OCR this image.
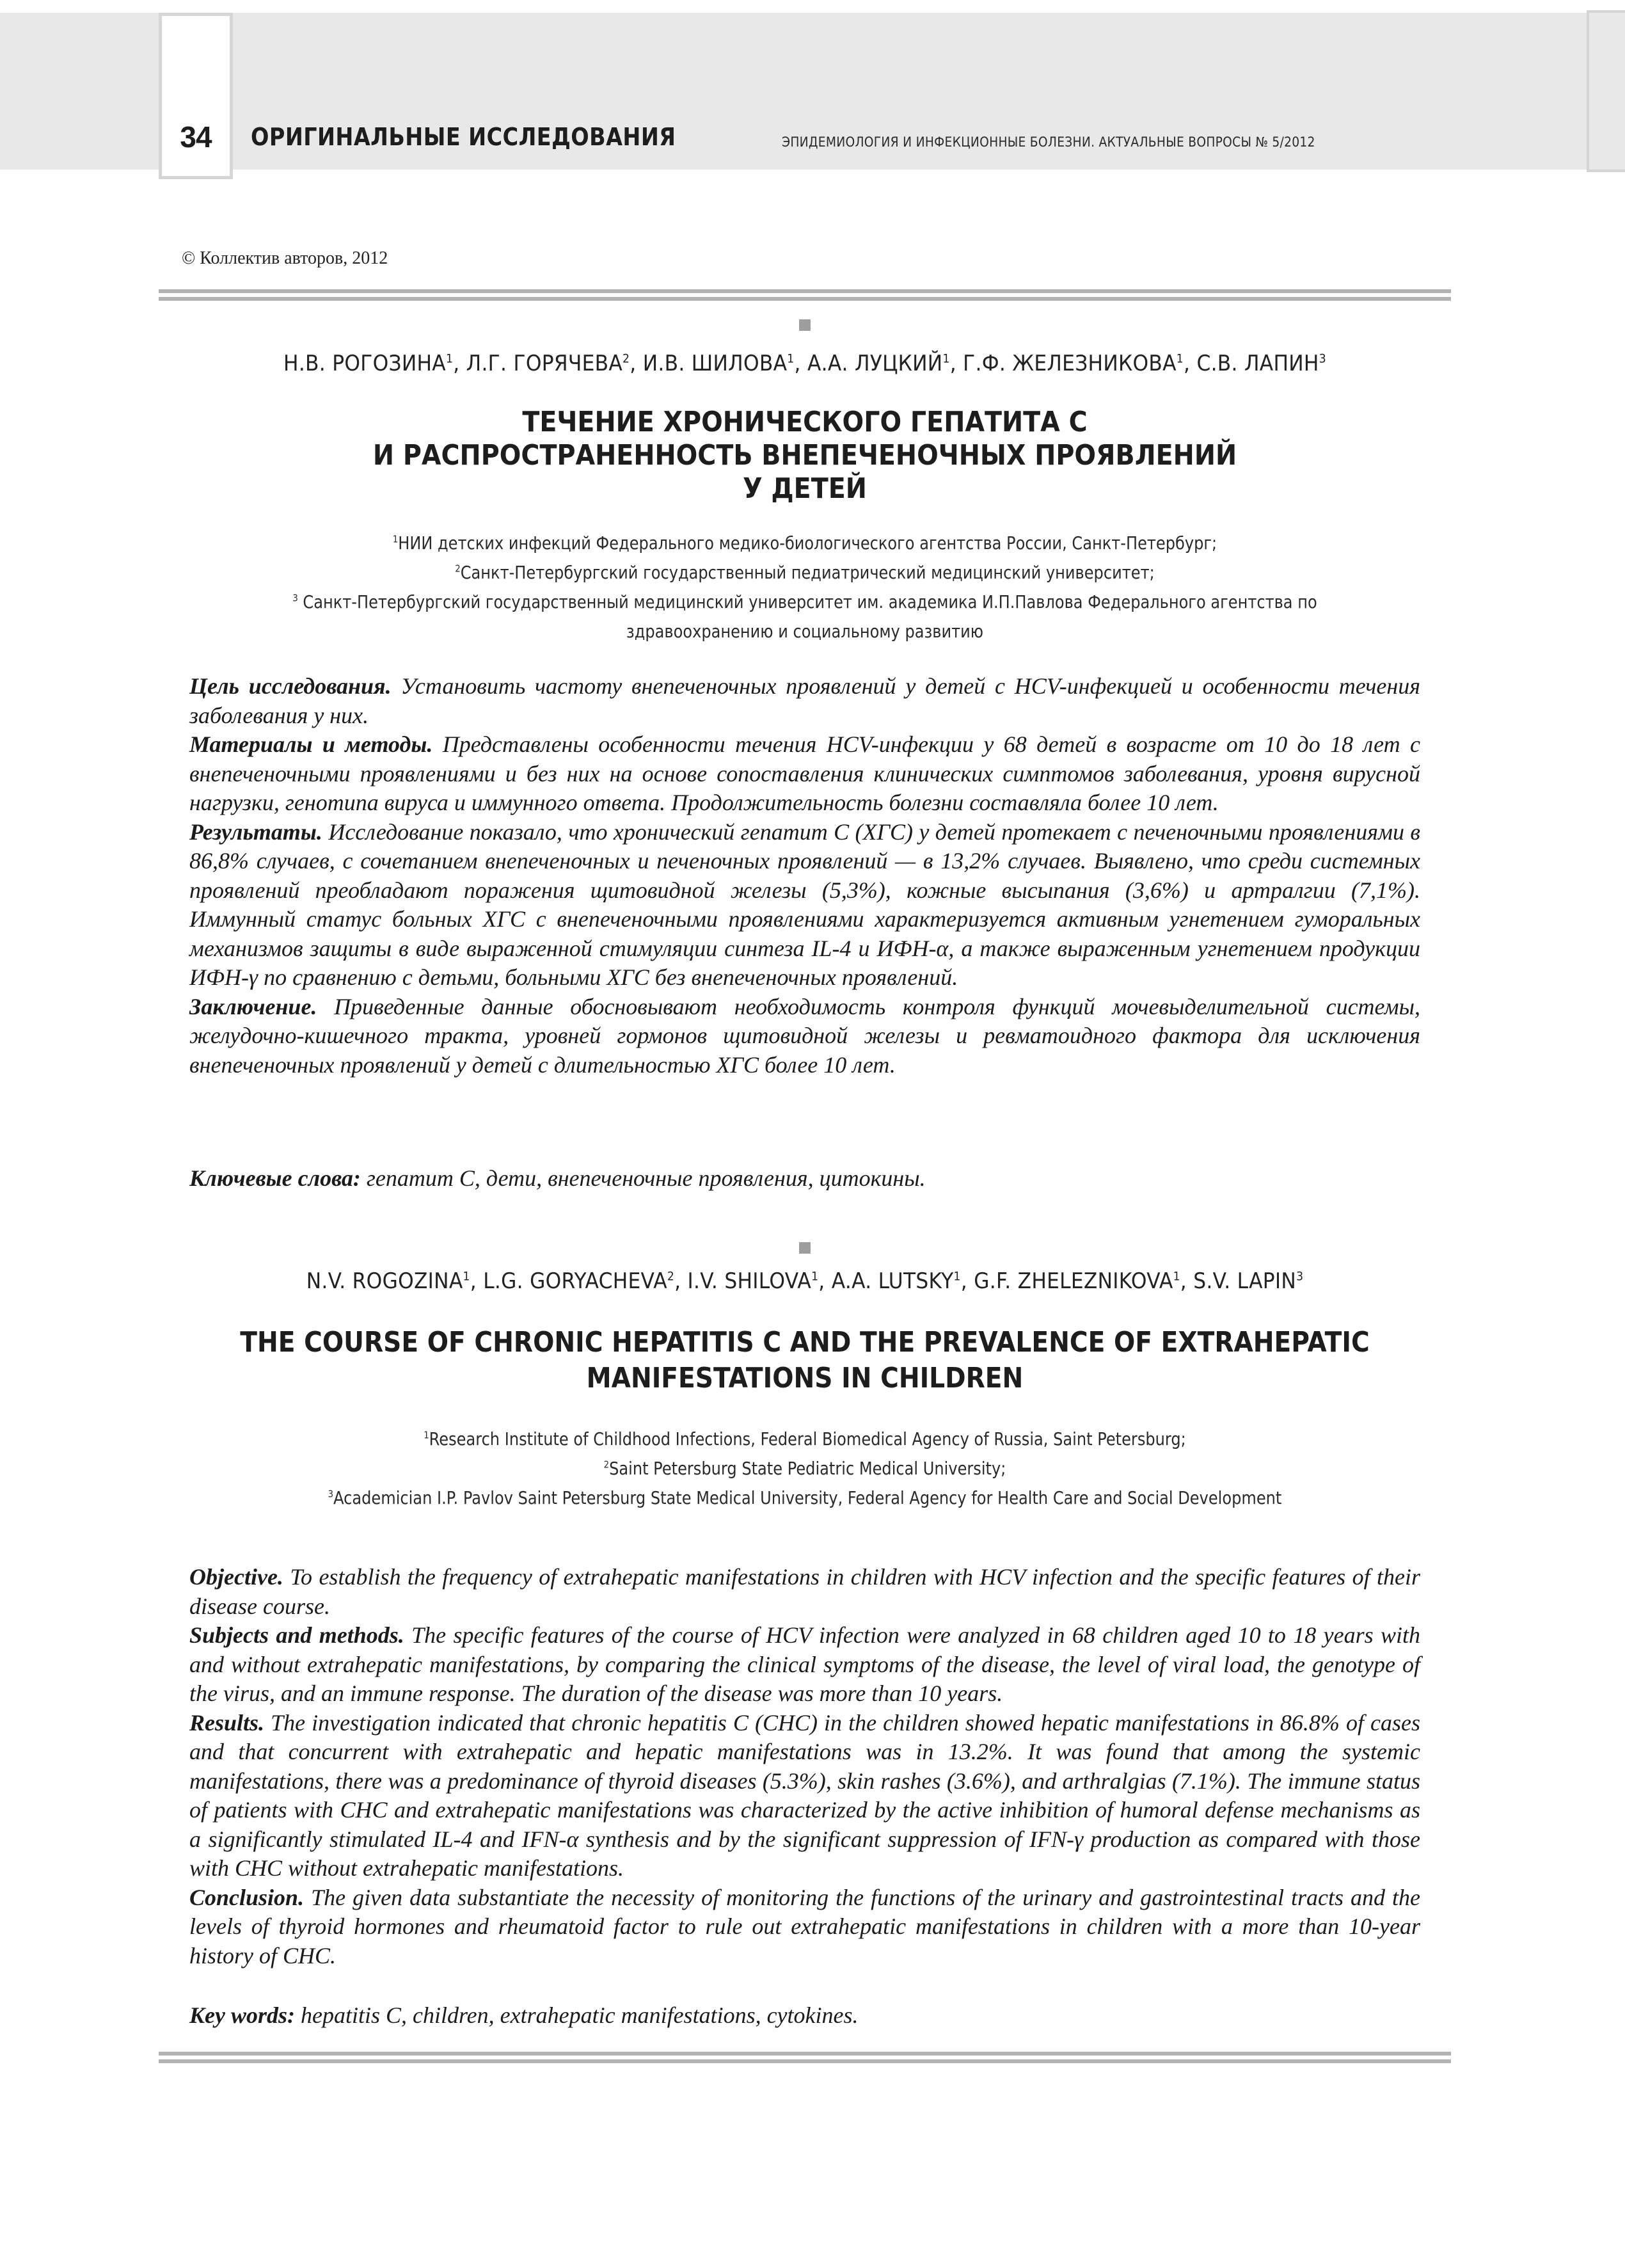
34	ОРИГИНАЛЬНЫЕ ИССЛЕДОВАНИЯ	ЭПИДЕМИОЛОГИЯ И ИНФЕКЦИОННЫЕ БОЛЕЗНИ. АКТУАЛЬНЫЕ ВОПРОСЫ № 5/2012
© Коллектив авторов, 2012
Н.В. РОГОЗИНА$^1$, Л.Г. ГОРЯЧЕВА$^2$, И.В. ШИЛОВА$^1$, А.А. ЛУЦКИЙ$^1$, Г.Ф. ЖЕЛЕЗНИКОВА$^1$, С.В. ЛАПИН$^3$
ТЕЧЕНИЕ ХРОНИЧЕСКОГО ГЕПАТИТА С
И РАСПРОСТРАНЕННОСТЬ ВНЕПЕЧЕНОЧНЫХ ПРОЯВЛЕНИЙ
У ДЕТЕЙ
$^1$НИИ детских инфекций Федерального медико-биологического агентства России, Санкт-Петербург;
$^2$Санкт-Петербургский государственный педиатрический медицинский университет;
$^3$ Санкт-Петербургский государственный медицинский университет им. академика И.П.Павлова Федерального агентства по
здравоохранению и социальному развитию

Цель исследования. Установить частоту внепеченочных проявлений у детей с HCV-инфекцией и особенности течения заболевания у них.

Материалы и методы. Представлены особенности течения HCV-инфекции у 68 детей в возрасте от 10 до 18 лет с внепеченочными проявлениями и без них на основе сопоставления клинических симптомов заболевания, уровня вирусной нагрузки, генотипа вируса и иммунного ответа. Продолжительность болезни составляла более 10 лет.

Результаты. Исследование показало, что хронический гепатит С (ХГС) у детей протекает с печеночными проявлениями в 86,8% случаев, с сочетанием внепеченочных и печеночных проявлений — в 13,2% случаев. Выявлено, что среди системных проявлений преобладают поражения щитовидной железы (5,3%), кожные высыпания (3,6%) и артралгии (7,1%). Иммунный статус больных ХГС с внепеченочными проявлениями характеризуется активным угнетением гуморальных механизмов защиты в виде выраженной стимуляции синтеза IL-4 и ИФН-α, а также выраженным угнетением продукции ИФН-γ по сравнению с детьми, больными ХГС без внепеченочных проявлений.

Заключение. Приведенные данные обосновывают необходимость контроля функций мочевыделительной системы, желудочно-кишечного тракта, уровней гормонов щитовидной железы и ревматоидного фактора для исключения внепеченочных проявлений у детей с длительностью ХГС более 10 лет.

Ключевые слова: гепатит С, дети, внепеченочные проявления, цитокины.
N.V. ROGOZINA$^1$, L.G. GORYACHEVA$^2$, I.V. SHILOVA$^1$, A.A. LUTSKY$^1$, G.F. ZHELEZNIKOVA$^1$, S.V. LAPIN$^3$
THE COURSE OF CHRONIC HEPATITIS C AND THE PREVALENCE OF EXTRAHEPATIC
MANIFESTATIONS IN CHILDREN
$^1$Research Institute of Childhood Infections, Federal Biomedical Agency of Russia, Saint Petersburg;
$^2$Saint Petersburg State Pediatric Medical University;
$^3$Academician I.P. Pavlov Saint Petersburg State Medical University, Federal Agency for Health Care and Social Development

Objective. To establish the frequency of extrahepatic manifestations in children with HCV infection and the specific features of their disease course.

Subjects and methods. The specific features of the course of HCV infection were analyzed in 68 children aged 10 to 18 years with and without extrahepatic manifestations, by comparing the clinical symptoms of the disease, the level of viral load, the genotype of the virus, and an immune response. The duration of the disease was more than 10 years.

Results. The investigation indicated that chronic hepatitis C (CHC) in the children showed hepatic manifestations in 86.8% of cases and that concurrent with extrahepatic and hepatic manifestations was in 13.2%. It was found that among the systemic manifestations, there was a predominance of thyroid diseases (5.3%), skin rashes (3.6%), and arthralgias (7.1%). The immune status of patients with CHC and extrahepatic manifestations was characterized by the active inhibition of humoral defense mechanisms as a significantly stimulated IL-4 and IFN-α synthesis and by the significant suppression of IFN-γ production as compared with those with CHC without extrahepatic manifestations.

Conclusion. The given data substantiate the necessity of monitoring the functions of the urinary and gastrointestinal tracts and the levels of thyroid hormones and rheumatoid factor to rule out extrahepatic manifestations in children with a more than 10-year history of CHC.

Key words: hepatitis C, children, extrahepatic manifestations, cytokines.
